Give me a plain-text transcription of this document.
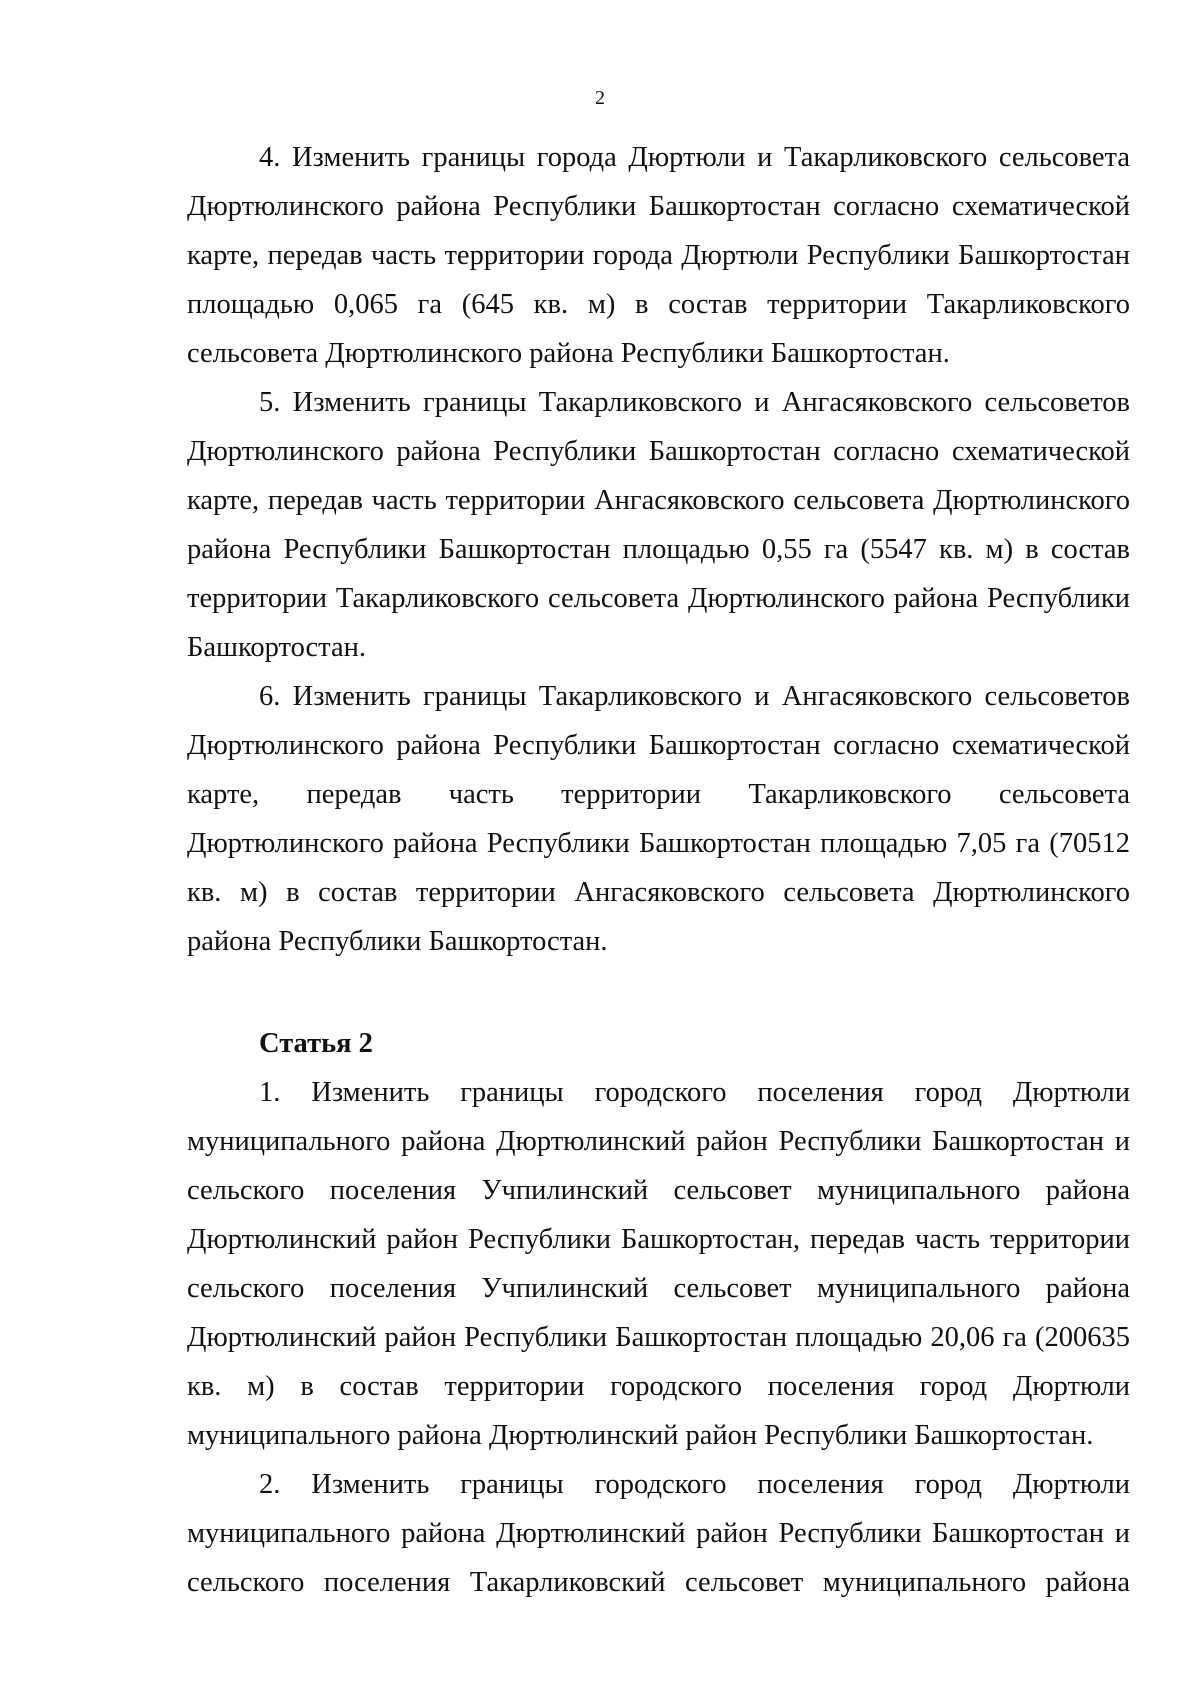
2

4. Изменить границы города Дюртюли и Такарликовского сельсовета Дюртюлинского района Республики Башкортостан согласно схематической карте, передав часть территории города Дюртюли Республики Башкортостан площадью 0,065 га (645 кв. м) в состав территории Такарликовского сельсовета Дюртюлинского района Республики Башкортостан.

5. Изменить границы Такарликовского и Ангасяковского сельсоветов Дюртюлинского района Республики Башкортостан согласно схематической карте, передав часть территории Ангасяковского сельсовета Дюртюлинского района Республики Башкортостан площадью 0,55 га (5547 кв. м) в состав территории Такарликовского сельсовета Дюртюлинского района Республики Башкортостан.

6. Изменить границы Такарликовского и Ангасяковского сельсоветов Дюртюлинского района Республики Башкортостан согласно схематической карте, передав часть территории Такарликовского сельсовета Дюртюлинского района Республики Башкортостан площадью 7,05 га (70512 кв. м) в состав территории Ангасяковского сельсовета Дюртюлинского района Республики Башкортостан.

Статья 2

1. Изменить границы городского поселения город Дюртюли муниципального района Дюртюлинский район Республики Башкортостан и сельского поселения Учпилинский сельсовет муниципального района Дюртюлинский район Республики Башкортостан, передав часть территории сельского поселения Учпилинский сельсовет муниципального района Дюртюлинский район Республики Башкортостан площадью 20,06 га (200635 кв. м) в состав территории городского поселения город Дюртюли муниципального района Дюртюлинский район Республики Башкортостан.

2. Изменить границы городского поселения город Дюртюли муниципального района Дюртюлинский район Республики Башкортостан и сельского поселения Такарликовский сельсовет муниципального района
